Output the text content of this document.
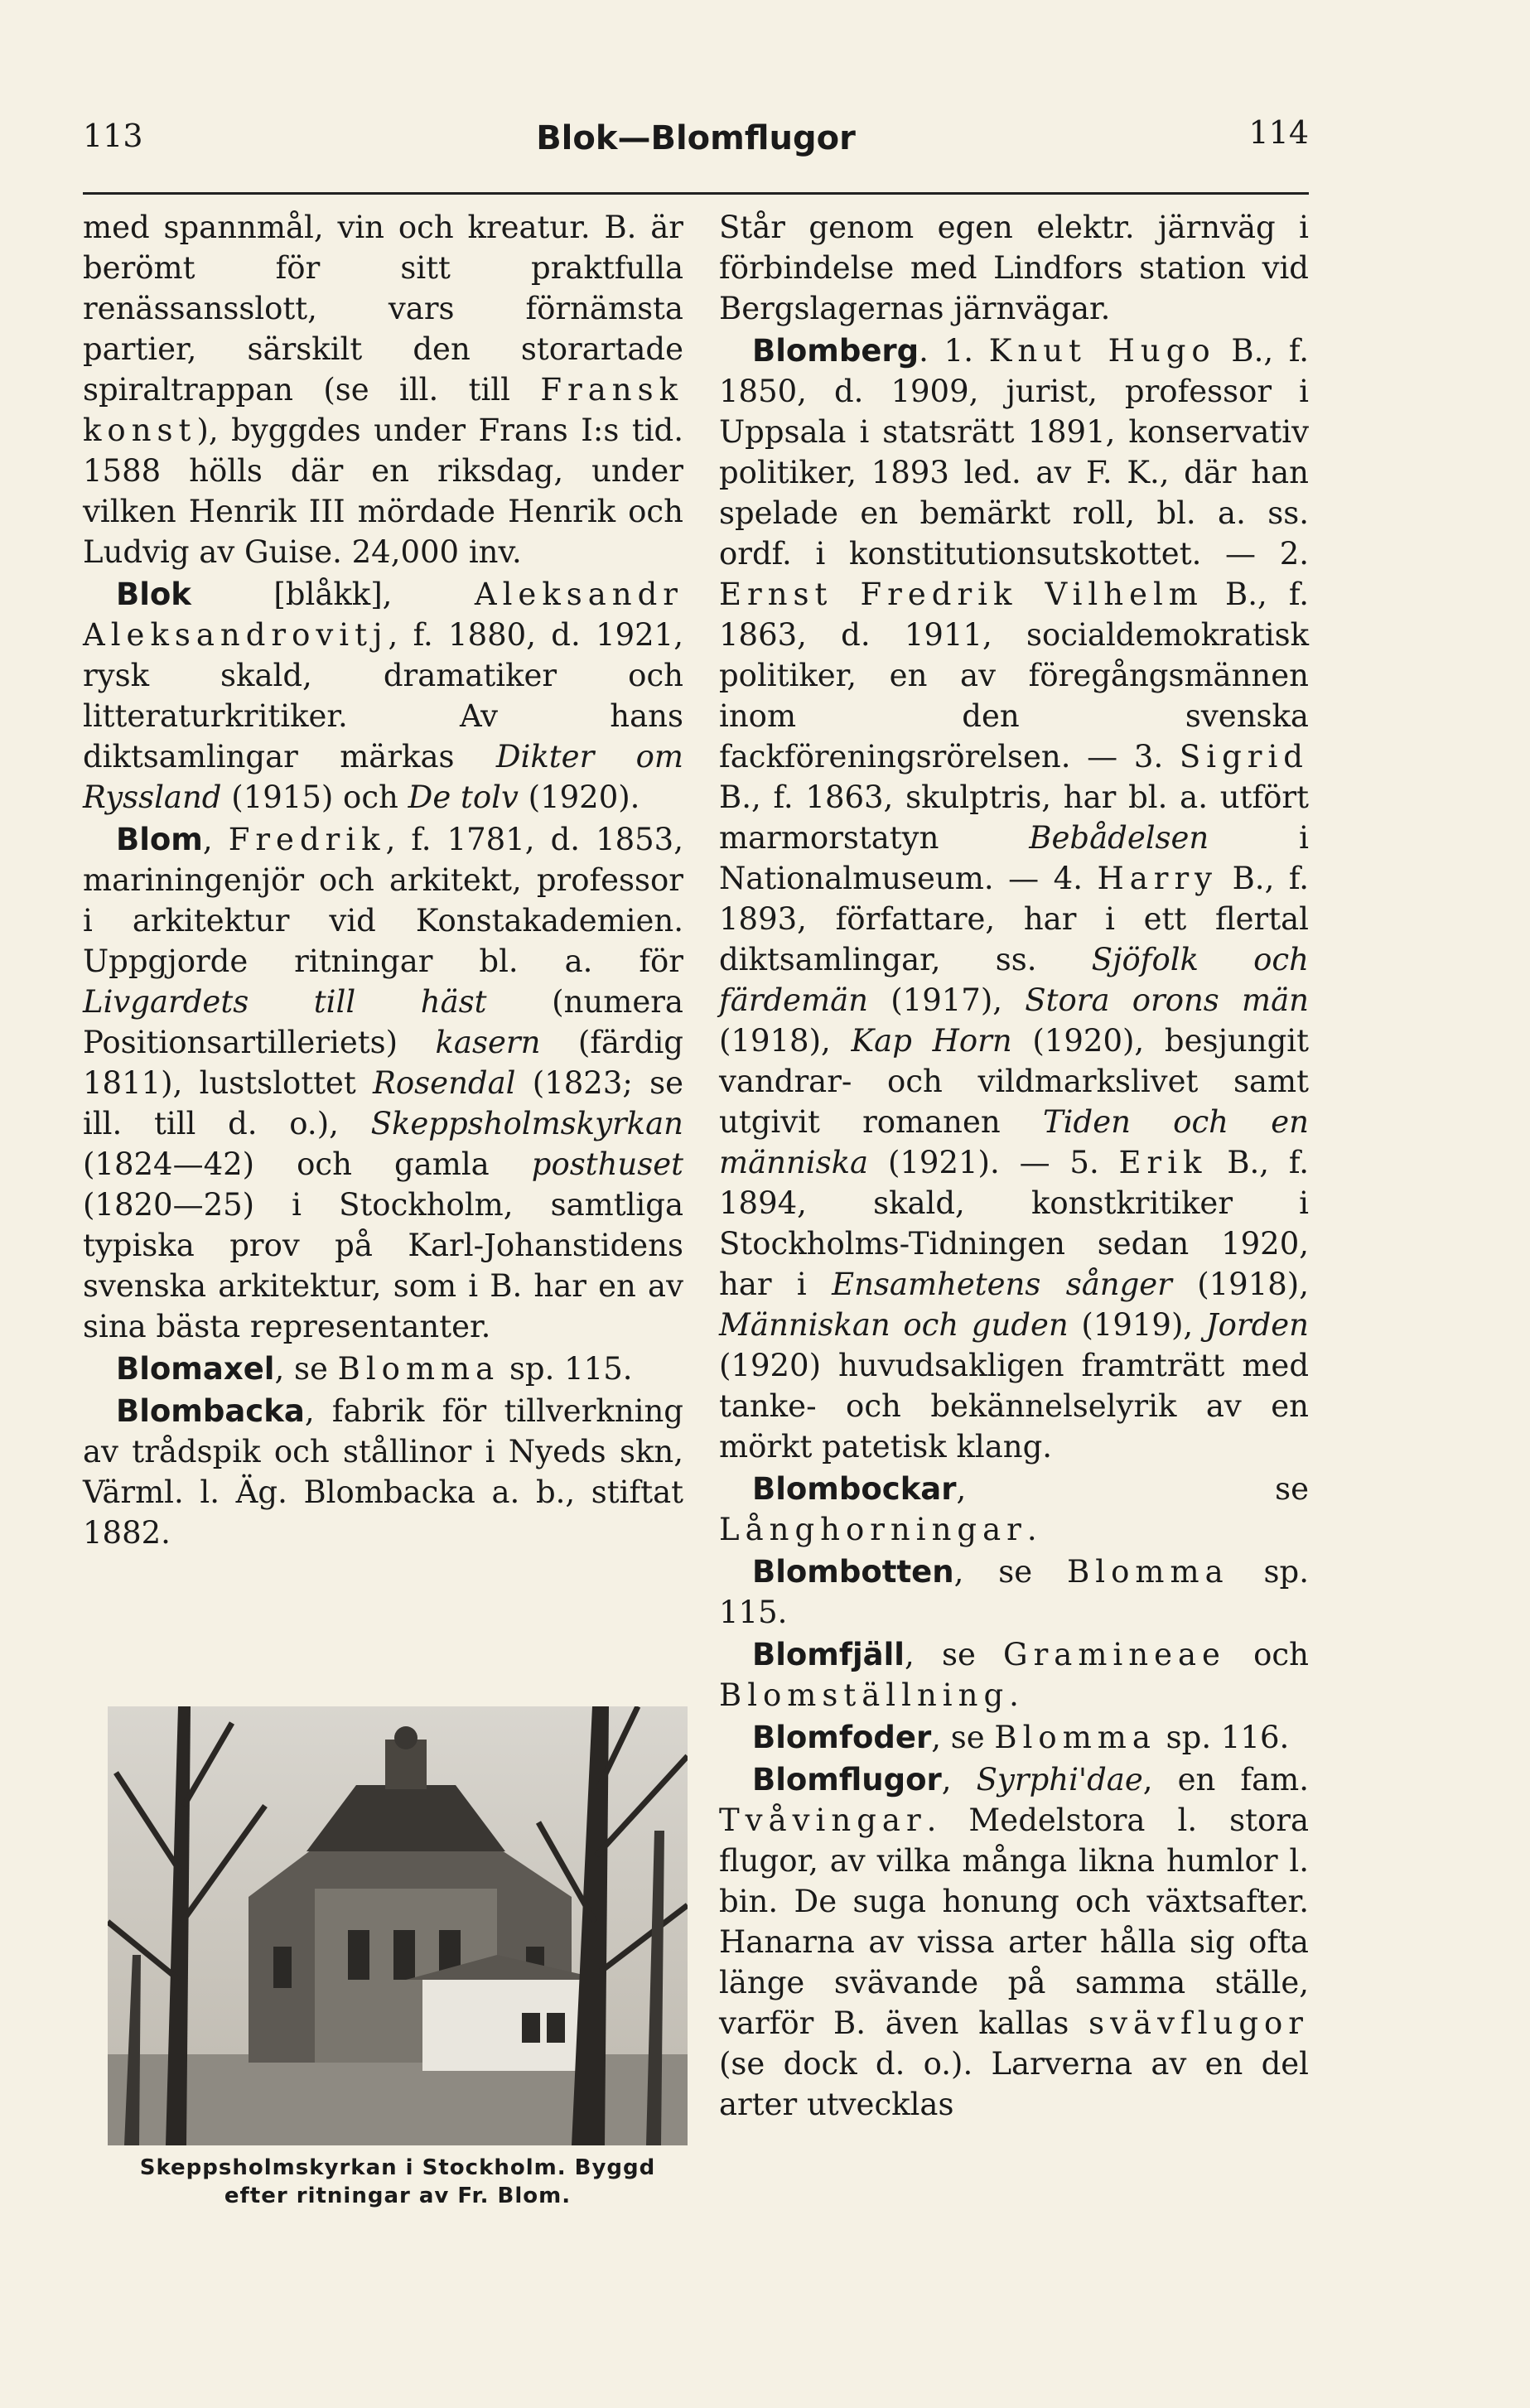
113	Blok—Blomflugor	114

med spannmål, vin och kreatur. B. är berömt för sitt praktfulla renässansslott, vars förnämsta partier, särskilt den storartade spiraltrappan (se ill. till Fransk konst), byggdes under Frans I:s tid. 1588 hölls där en riksdag, under vilken Henrik III mördade Henrik och Ludvig av Guise. 24,000 inv.

Blok [blåkk], Aleksandr Aleksandrovitj, f. 1880, d. 1921, rysk skald, dramatiker och litteraturkritiker. Av hans diktsamlingar märkas Dikter om Ryssland (1915) och De tolv (1920).

Blom, Fredrik, f. 1781, d. 1853, mariningenjör och arkitekt, professor i arkitektur vid Konstakademien. Uppgjorde ritningar bl. a. för Livgardets till häst (numera Positionsartilleriets) kasern (färdig 1811), lustslottet Rosendal (1823; se ill. till d. o.), Skeppsholmskyrkan (1824—42) och gamla posthuset (1820—25) i Stockholm, samtliga typiska prov på Karl-Johanstidens svenska arkitektur, som i B. har en av sina bästa representanter.

Blomaxel, se Blomma sp. 115.

Blombacka, fabrik för tillverkning av trådspik och stållinor i Nyeds skn, Värml. l. Äg. Blombacka a. b., stiftat 1882.

Skeppsholmskyrkan i Stockholm. Byggd efter ritningar av Fr. Blom.

Står genom egen elektr. järnväg i förbindelse med Lindfors station vid Bergslagernas järnvägar.

Blomberg. 1. Knut Hugo B., f. 1850, d. 1909, jurist, professor i Uppsala i statsrätt 1891, konservativ politiker, 1893 led. av F. K., där han spelade en bemärkt roll, bl. a. ss. ordf. i konstitutionsutskottet. — 2. Ernst Fredrik Vilhelm B., f. 1863, d. 1911, socialdemokratisk politiker, en av föregångsmännen inom den svenska fackföreningsrörelsen. — 3. Sigrid B., f. 1863, skulptris, har bl. a. utfört marmorstatyn Bebådelsen i Nationalmuseum. — 4. Harry B., f. 1893, författare, har i ett flertal diktsamlingar, ss. Sjöfolk och färdemän (1917), Stora orons män (1918), Kap Horn (1920), besjungit vandrar- och vildmarkslivet samt utgivit romanen Tiden och en människa (1921). — 5. Erik B., f. 1894, skald, konstkritiker i Stockholms-Tidningen sedan 1920, har i Ensamhetens sånger (1918), Människan och guden (1919), Jorden (1920) huvudsakligen framträtt med tanke- och bekännelselyrik av en mörkt patetisk klang.

Blombockar, se Långhorningar.

Blombotten, se Blomma sp. 115.

Blomfjäll, se Gramineae och Blomställning.

Blomfoder, se Blomma sp. 116.

Blomflugor, Syrphi'dae, en fam. Tvåvingar. Medelstora l. stora flugor, av vilka många likna humlor l. bin. De suga honung och växtsafter. Hanarna av vissa arter hålla sig ofta länge svävande på samma ställe, varför B. även kallas svävflugor (se dock d. o.). Larverna av en del arter utvecklas
